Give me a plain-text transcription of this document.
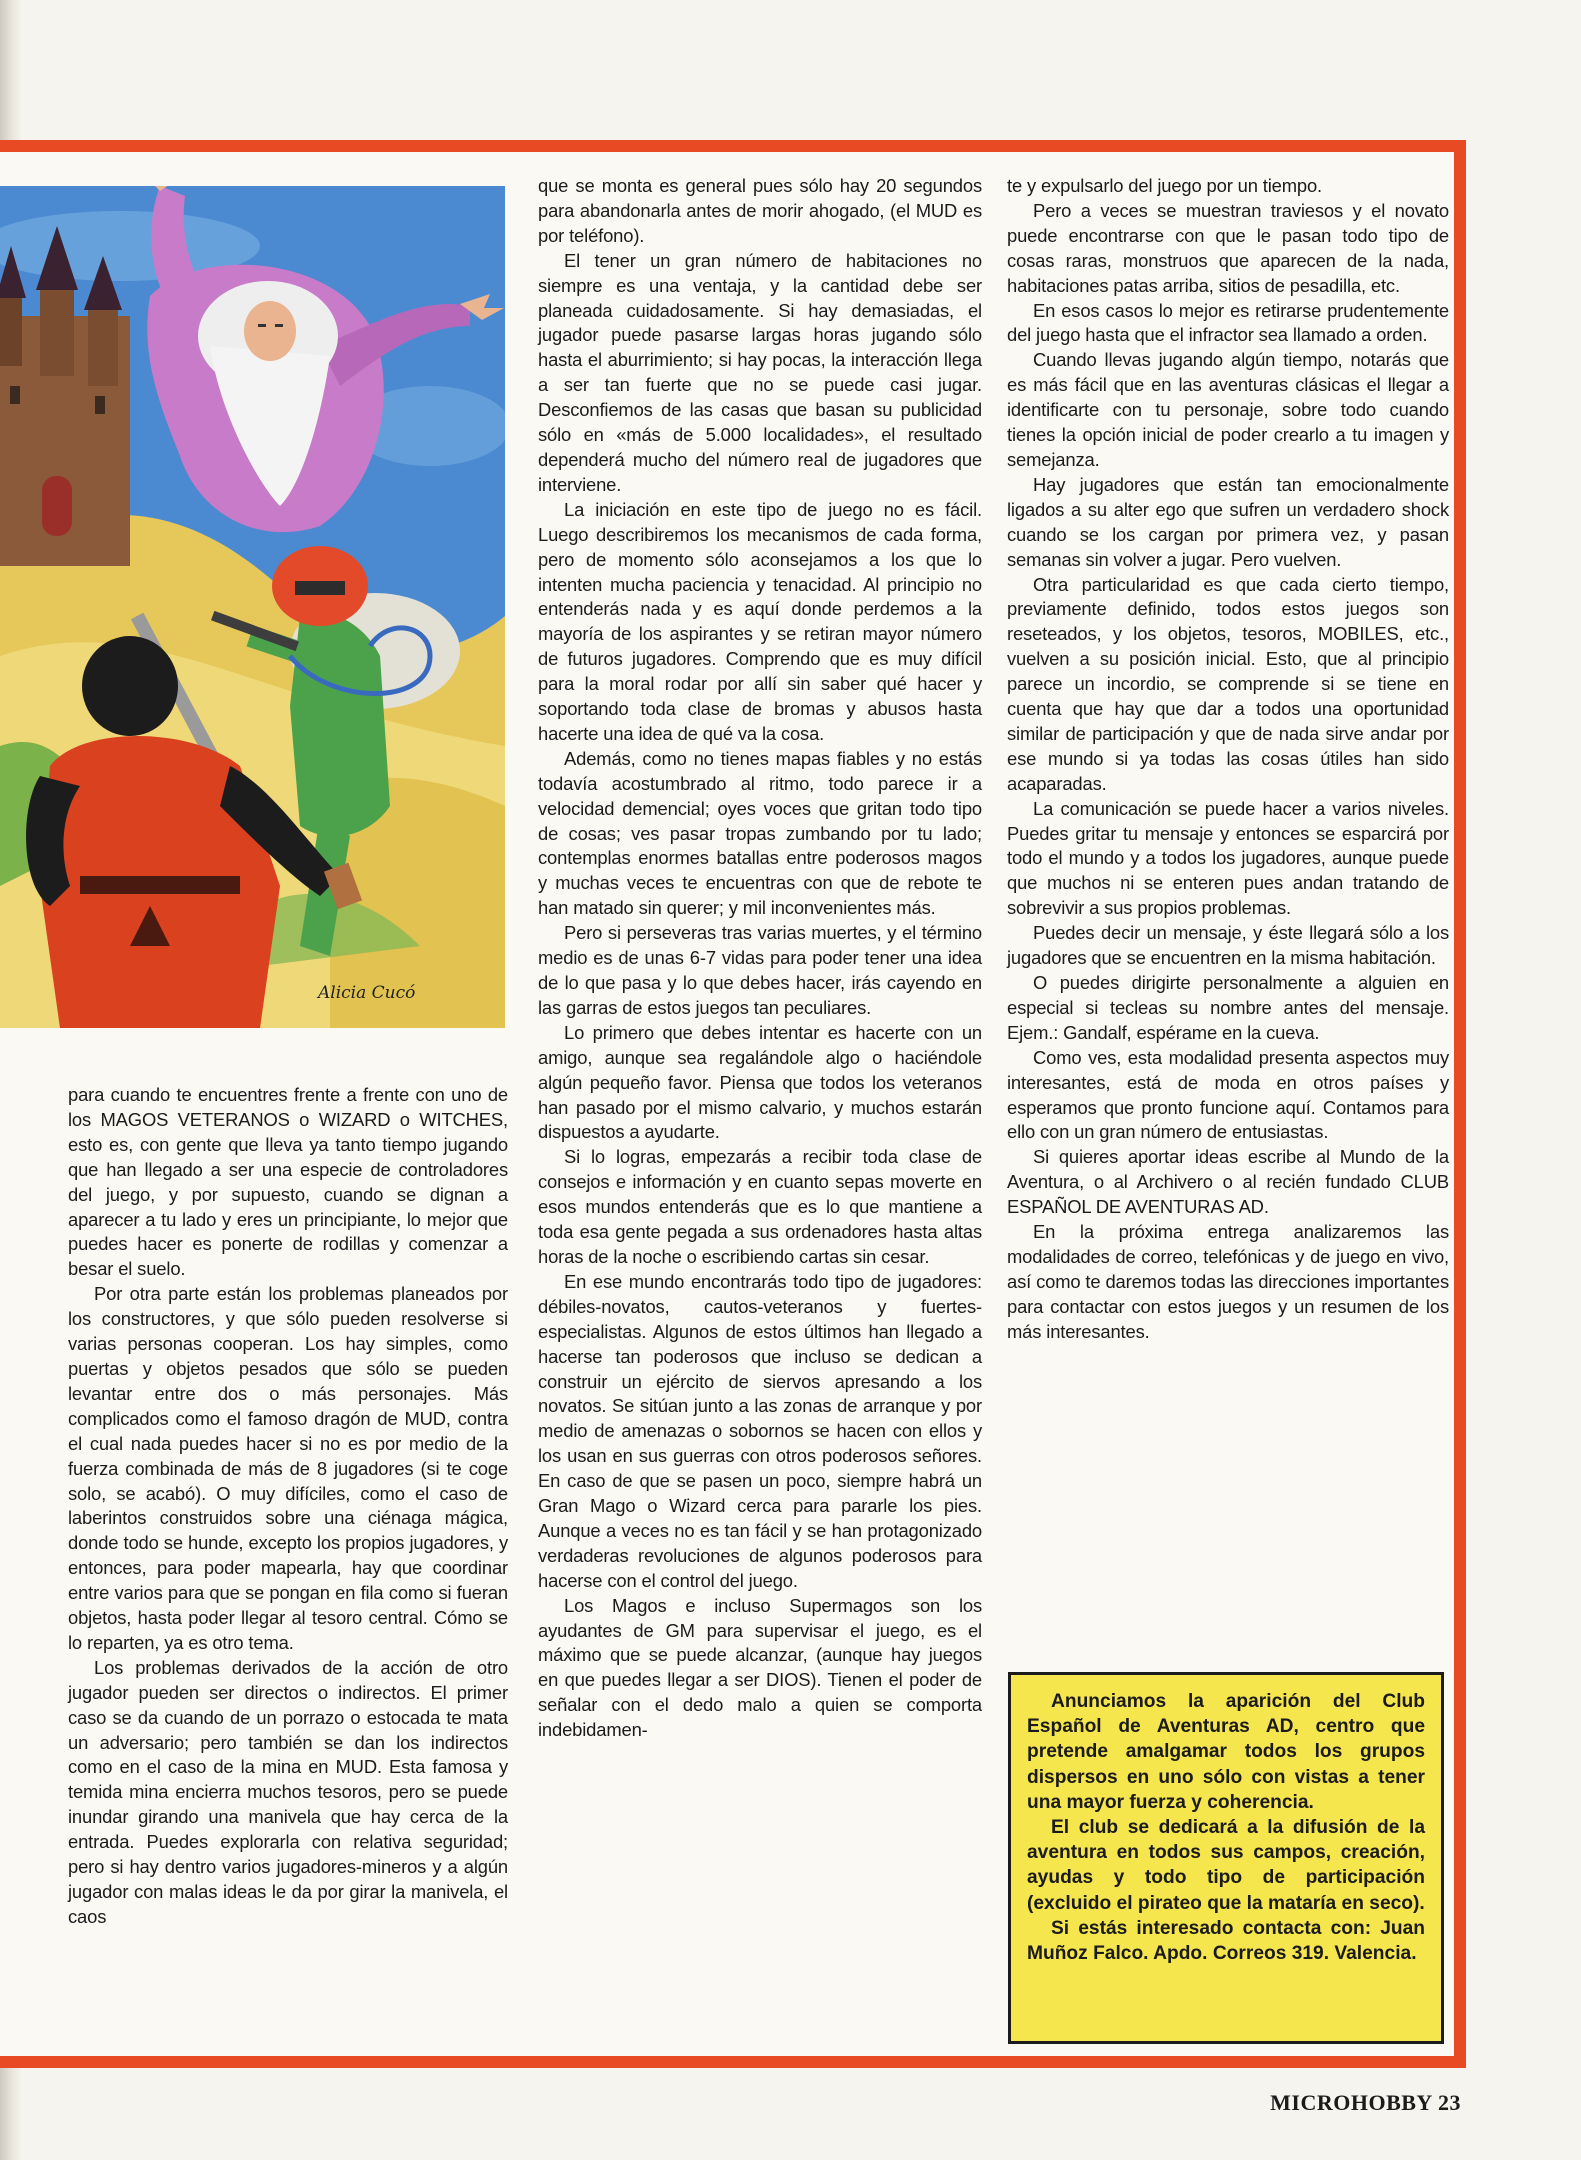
Alicia Cucó

para cuando te encuentres frente a frente con uno de los MAGOS VETERANOS o WIZARD o WITCHES, esto es, con gente que lleva ya tanto tiempo jugando que han llegado a ser una especie de controladores del juego, y por supuesto, cuando se dignan a aparecer a tu lado y eres un principiante, lo mejor que puedes hacer es ponerte de rodillas y comenzar a besar el suelo.

Por otra parte están los problemas planeados por los constructores, y que sólo pueden resolverse si varias personas cooperan. Los hay simples, como puertas y objetos pesados que sólo se pueden levantar entre dos o más personajes. Más complicados como el famoso dragón de MUD, contra el cual nada puedes hacer si no es por medio de la fuerza combinada de más de 8 jugadores (si te coge solo, se acabó). O muy difíciles, como el caso de laberintos construidos sobre una ciénaga mágica, donde todo se hunde, excepto los propios jugadores, y entonces, para poder mapearla, hay que coordinar entre varios para que se pongan en fila como si fueran objetos, hasta poder llegar al tesoro central. Cómo se lo reparten, ya es otro tema.

Los problemas derivados de la acción de otro jugador pueden ser directos o indirectos. El primer caso se da cuando de un porrazo o estocada te mata un adversario; pero también se dan los indirectos como en el caso de la mina en MUD. Esta famosa y temida mina encierra muchos tesoros, pero se puede inundar girando una manivela que hay cerca de la entrada. Puedes explorarla con relativa seguridad; pero si hay dentro varios jugadores-mineros y a algún jugador con malas ideas le da por girar la manivela, el caos

que se monta es general pues sólo hay 20 segundos para abandonarla antes de morir ahogado, (el MUD es por teléfono).

El tener un gran número de habitaciones no siempre es una ventaja, y la cantidad debe ser planeada cuidadosamente. Si hay demasiadas, el jugador puede pasarse largas horas jugando sólo hasta el aburrimiento; si hay pocas, la interacción llega a ser tan fuerte que no se puede casi jugar. Desconfiemos de las casas que basan su publicidad sólo en «más de 5.000 localidades», el resultado dependerá mucho del número real de jugadores que interviene.

La iniciación en este tipo de juego no es fácil. Luego describiremos los mecanismos de cada forma, pero de momento sólo aconsejamos a los que lo intenten mucha paciencia y tenacidad. Al principio no entenderás nada y es aquí donde perdemos a la mayoría de los aspirantes y se retiran mayor número de futuros jugadores. Comprendo que es muy difícil para la moral rodar por allí sin saber qué hacer y soportando toda clase de bromas y abusos hasta hacerte una idea de qué va la cosa.

Además, como no tienes mapas fiables y no estás todavía acostumbrado al ritmo, todo parece ir a velocidad demencial; oyes voces que gritan todo tipo de cosas; ves pasar tropas zumbando por tu lado; contemplas enormes batallas entre poderosos magos y muchas veces te encuentras con que de rebote te han matado sin querer; y mil inconvenientes más.

Pero si perseveras tras varias muertes, y el término medio es de unas 6-7 vidas para poder tener una idea de lo que pasa y lo que debes hacer, irás cayendo en las garras de estos juegos tan peculiares.

Lo primero que debes intentar es hacerte con un amigo, aunque sea regalándole algo o haciéndole algún pequeño favor. Piensa que todos los veteranos han pasado por el mismo calvario, y muchos estarán dispuestos a ayudarte.

Si lo logras, empezarás a recibir toda clase de consejos e información y en cuanto sepas moverte en esos mundos entenderás que es lo que mantiene a toda esa gente pegada a sus ordenadores hasta altas horas de la noche o escribiendo cartas sin cesar.

En ese mundo encontrarás todo tipo de jugadores: débiles-novatos, cautos-veteranos y fuertes-especialistas. Algunos de estos últimos han llegado a hacerse tan poderosos que incluso se dedican a construir un ejército de siervos apresando a los novatos. Se sitúan junto a las zonas de arranque y por medio de amenazas o sobornos se hacen con ellos y los usan en sus guerras con otros poderosos señores. En caso de que se pasen un poco, siempre habrá un Gran Mago o Wizard cerca para pararle los pies. Aunque a veces no es tan fácil y se han protagonizado verdaderas revoluciones de algunos poderosos para hacerse con el control del juego.

Los Magos e incluso Supermagos son los ayudantes de GM para supervisar el juego, es el máximo que se puede alcanzar, (aunque hay juegos en que puedes llegar a ser DIOS). Tienen el poder de señalar con el dedo malo a quien se comporta indebidamen-

te y expulsarlo del juego por un tiempo.

Pero a veces se muestran traviesos y el novato puede encontrarse con que le pasan todo tipo de cosas raras, monstruos que aparecen de la nada, habitaciones patas arriba, sitios de pesadilla, etc.

En esos casos lo mejor es retirarse prudentemente del juego hasta que el infractor sea llamado a orden.

Cuando llevas jugando algún tiempo, notarás que es más fácil que en las aventuras clásicas el llegar a identificarte con tu personaje, sobre todo cuando tienes la opción inicial de poder crearlo a tu imagen y semejanza.

Hay jugadores que están tan emocionalmente ligados a su alter ego que sufren un verdadero shock cuando se los cargan por primera vez, y pasan semanas sin volver a jugar. Pero vuelven.

Otra particularidad es que cada cierto tiempo, previamente definido, todos estos juegos son reseteados, y los objetos, tesoros, MOBILES, etc., vuelven a su posición inicial. Esto, que al principio parece un incordio, se comprende si se tiene en cuenta que hay que dar a todos una oportunidad similar de participación y que de nada sirve andar por ese mundo si ya todas las cosas útiles han sido acaparadas.

La comunicación se puede hacer a varios niveles. Puedes gritar tu mensaje y entonces se esparcirá por todo el mundo y a todos los jugadores, aunque puede que muchos ni se enteren pues andan tratando de sobrevivir a sus propios problemas.

Puedes decir un mensaje, y éste llegará sólo a los jugadores que se encuentren en la misma habitación.

O puedes dirigirte personalmente a alguien en especial si tecleas su nombre antes del mensaje. Ejem.: Gandalf, espérame en la cueva.

Como ves, esta modalidad presenta aspectos muy interesantes, está de moda en otros países y esperamos que pronto funcione aquí. Contamos para ello con un gran número de entusiastas.

Si quieres aportar ideas escribe al Mundo de la Aventura, o al Archivero o al recién fundado CLUB ESPAÑOL DE AVENTURAS AD.

En la próxima entrega analizaremos las modalidades de correo, telefónicas y de juego en vivo, así como te daremos todas las direcciones importantes para contactar con estos juegos y un resumen de los más interesantes.

Anunciamos la aparición del Club Español de Aventuras AD, centro que pretende amalgamar todos los grupos dispersos en uno sólo con vistas a tener una mayor fuerza y coherencia.

El club se dedicará a la difusión de la aventura en todos sus campos, creación, ayudas y todo tipo de participación (excluido el pirateo que la mataría en seco).

Si estás interesado contacta con: Juan Muñoz Falco. Apdo. Correos 319. Valencia.

MICROHOBBY 23
